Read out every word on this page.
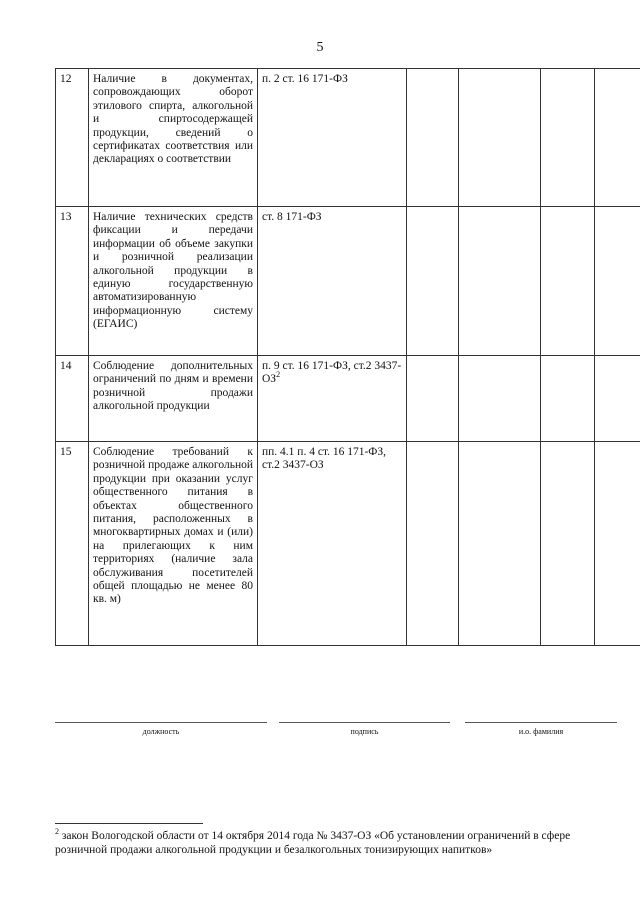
5
12	Наличие в документах, сопровождающих оборот этилового спирта, алкогольной и спиртосодержащей продукции, сведений о сертификатах соответствия или декларациях о соответствии	п. 2 ст. 16 171-ФЗ				
13	Наличие технических средств фиксации и передачи информации об объеме закупки и розничной реализации алкогольной продукции в единую государственную автоматизированную информационную систему (ЕГАИС)	ст. 8 171-ФЗ				
14	Соблюдение дополнительных ограничений по дням и времени розничной продажи алкогольной продукции	п. 9 ст. 16 171-ФЗ, ст.2 $3437-ОЗ^2$				
15	Соблюдение требований к розничной продаже алкогольной продукции при оказании услуг общественного питания в объектах общественного питания, расположенных в многоквартирных домах и (или) на прилегающих к ним территориях (наличие зала обслуживания посетителей общей площадью не менее 80 кв. м)	пп. 4.1 п. 4 ст. 16 171-ФЗ, ст.2 3437-ОЗ				
должность	подпись	и.о. фамилия
$^2$ закон Вологодской области от 14 октября 2014 года № 3437-ОЗ «Об установлении ограничений в сфере розничной продажи алкогольной продукции и безалкогольных тонизирующих напитков»
